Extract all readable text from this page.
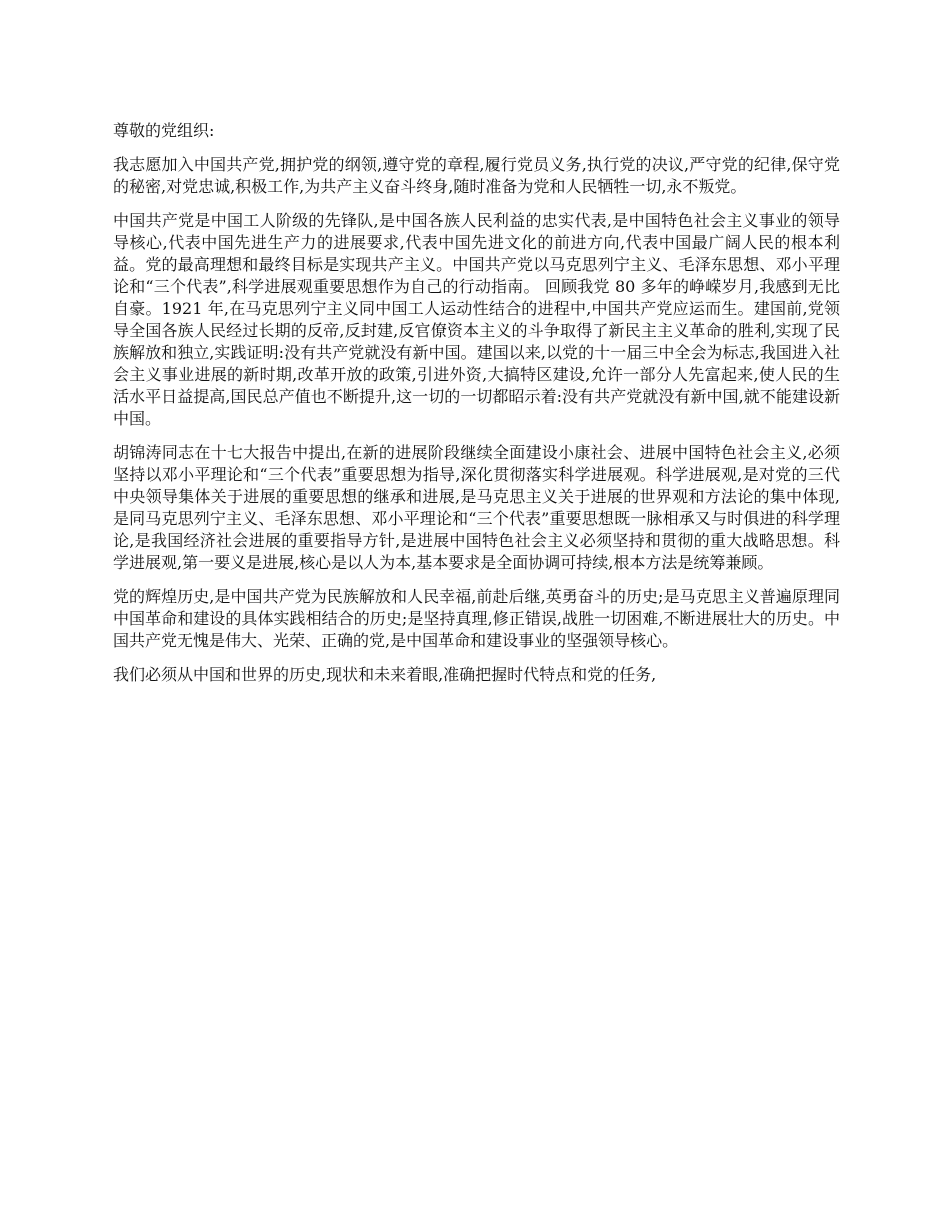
尊敬的党组织:

我志愿加入中国共产党,拥护党的纲领,遵守党的章程,履行党员义务,执行党的决议,严守党的纪律,保守党的秘密,对党忠诚,积极工作,为共产主义奋斗终身,随时准备为党和人民牺牲一切,永不叛党。

中国共产党是中国工人阶级的先锋队,是中国各族人民利益的忠实代表,是中国特色社会主义事业的领导导核心,代表中国先进生产力的进展要求,代表中国先进文化的前进方向,代表中国最广阔人民的根本利益。党的最高理想和最终目标是实现共产主义。中国共产党以马克思列宁主义、毛泽东思想、邓小平理论和“三个代表”,科学进展观重要思想作为自己的行动指南。 回顾我党 80 多年的峥嵘岁月,我感到无比自豪。1921 年,在马克思列宁主义同中国工人运动性结合的进程中,中国共产党应运而生。建国前,党领导全国各族人民经过长期的反帝,反封建,反官僚资本主义的斗争取得了新民主主义革命的胜利,实现了民族解放和独立,实践证明:没有共产党就没有新中国。建国以来,以党的十一届三中全会为标志,我国进入社会主义事业进展的新时期,改革开放的政策,引进外资,大搞特区建设,允许一部分人先富起来,使人民的生活水平日益提高,国民总产值也不断提升,这一切的一切都昭示着:没有共产党就没有新中国,就不能建设新中国。

胡锦涛同志在十七大报告中提出,在新的进展阶段继续全面建设小康社会、进展中国特色社会主义,必须坚持以邓小平理论和“三个代表”重要思想为指导,深化贯彻落实科学进展观。科学进展观,是对党的三代中央领导集体关于进展的重要思想的继承和进展,是马克思主义关于进展的世界观和方法论的集中体现,是同马克思列宁主义、毛泽东思想、邓小平理论和“三个代表”重要思想既一脉相承又与时俱进的科学理论,是我国经济社会进展的重要指导方针,是进展中国特色社会主义必须坚持和贯彻的重大战略思想。科学进展观,第一要义是进展,核心是以人为本,基本要求是全面协调可持续,根本方法是统筹兼顾。

党的辉煌历史,是中国共产党为民族解放和人民幸福,前赴后继,英勇奋斗的历史;是马克思主义普遍原理同中国革命和建设的具体实践相结合的历史;是坚持真理,修正错误,战胜一切困难,不断进展壮大的历史。中国共产党无愧是伟大、光荣、正确的党,是中国革命和建设事业的坚强领导核心。

我们必须从中国和世界的历史,现状和未来着眼,准确把握时代特点和党的任务,
